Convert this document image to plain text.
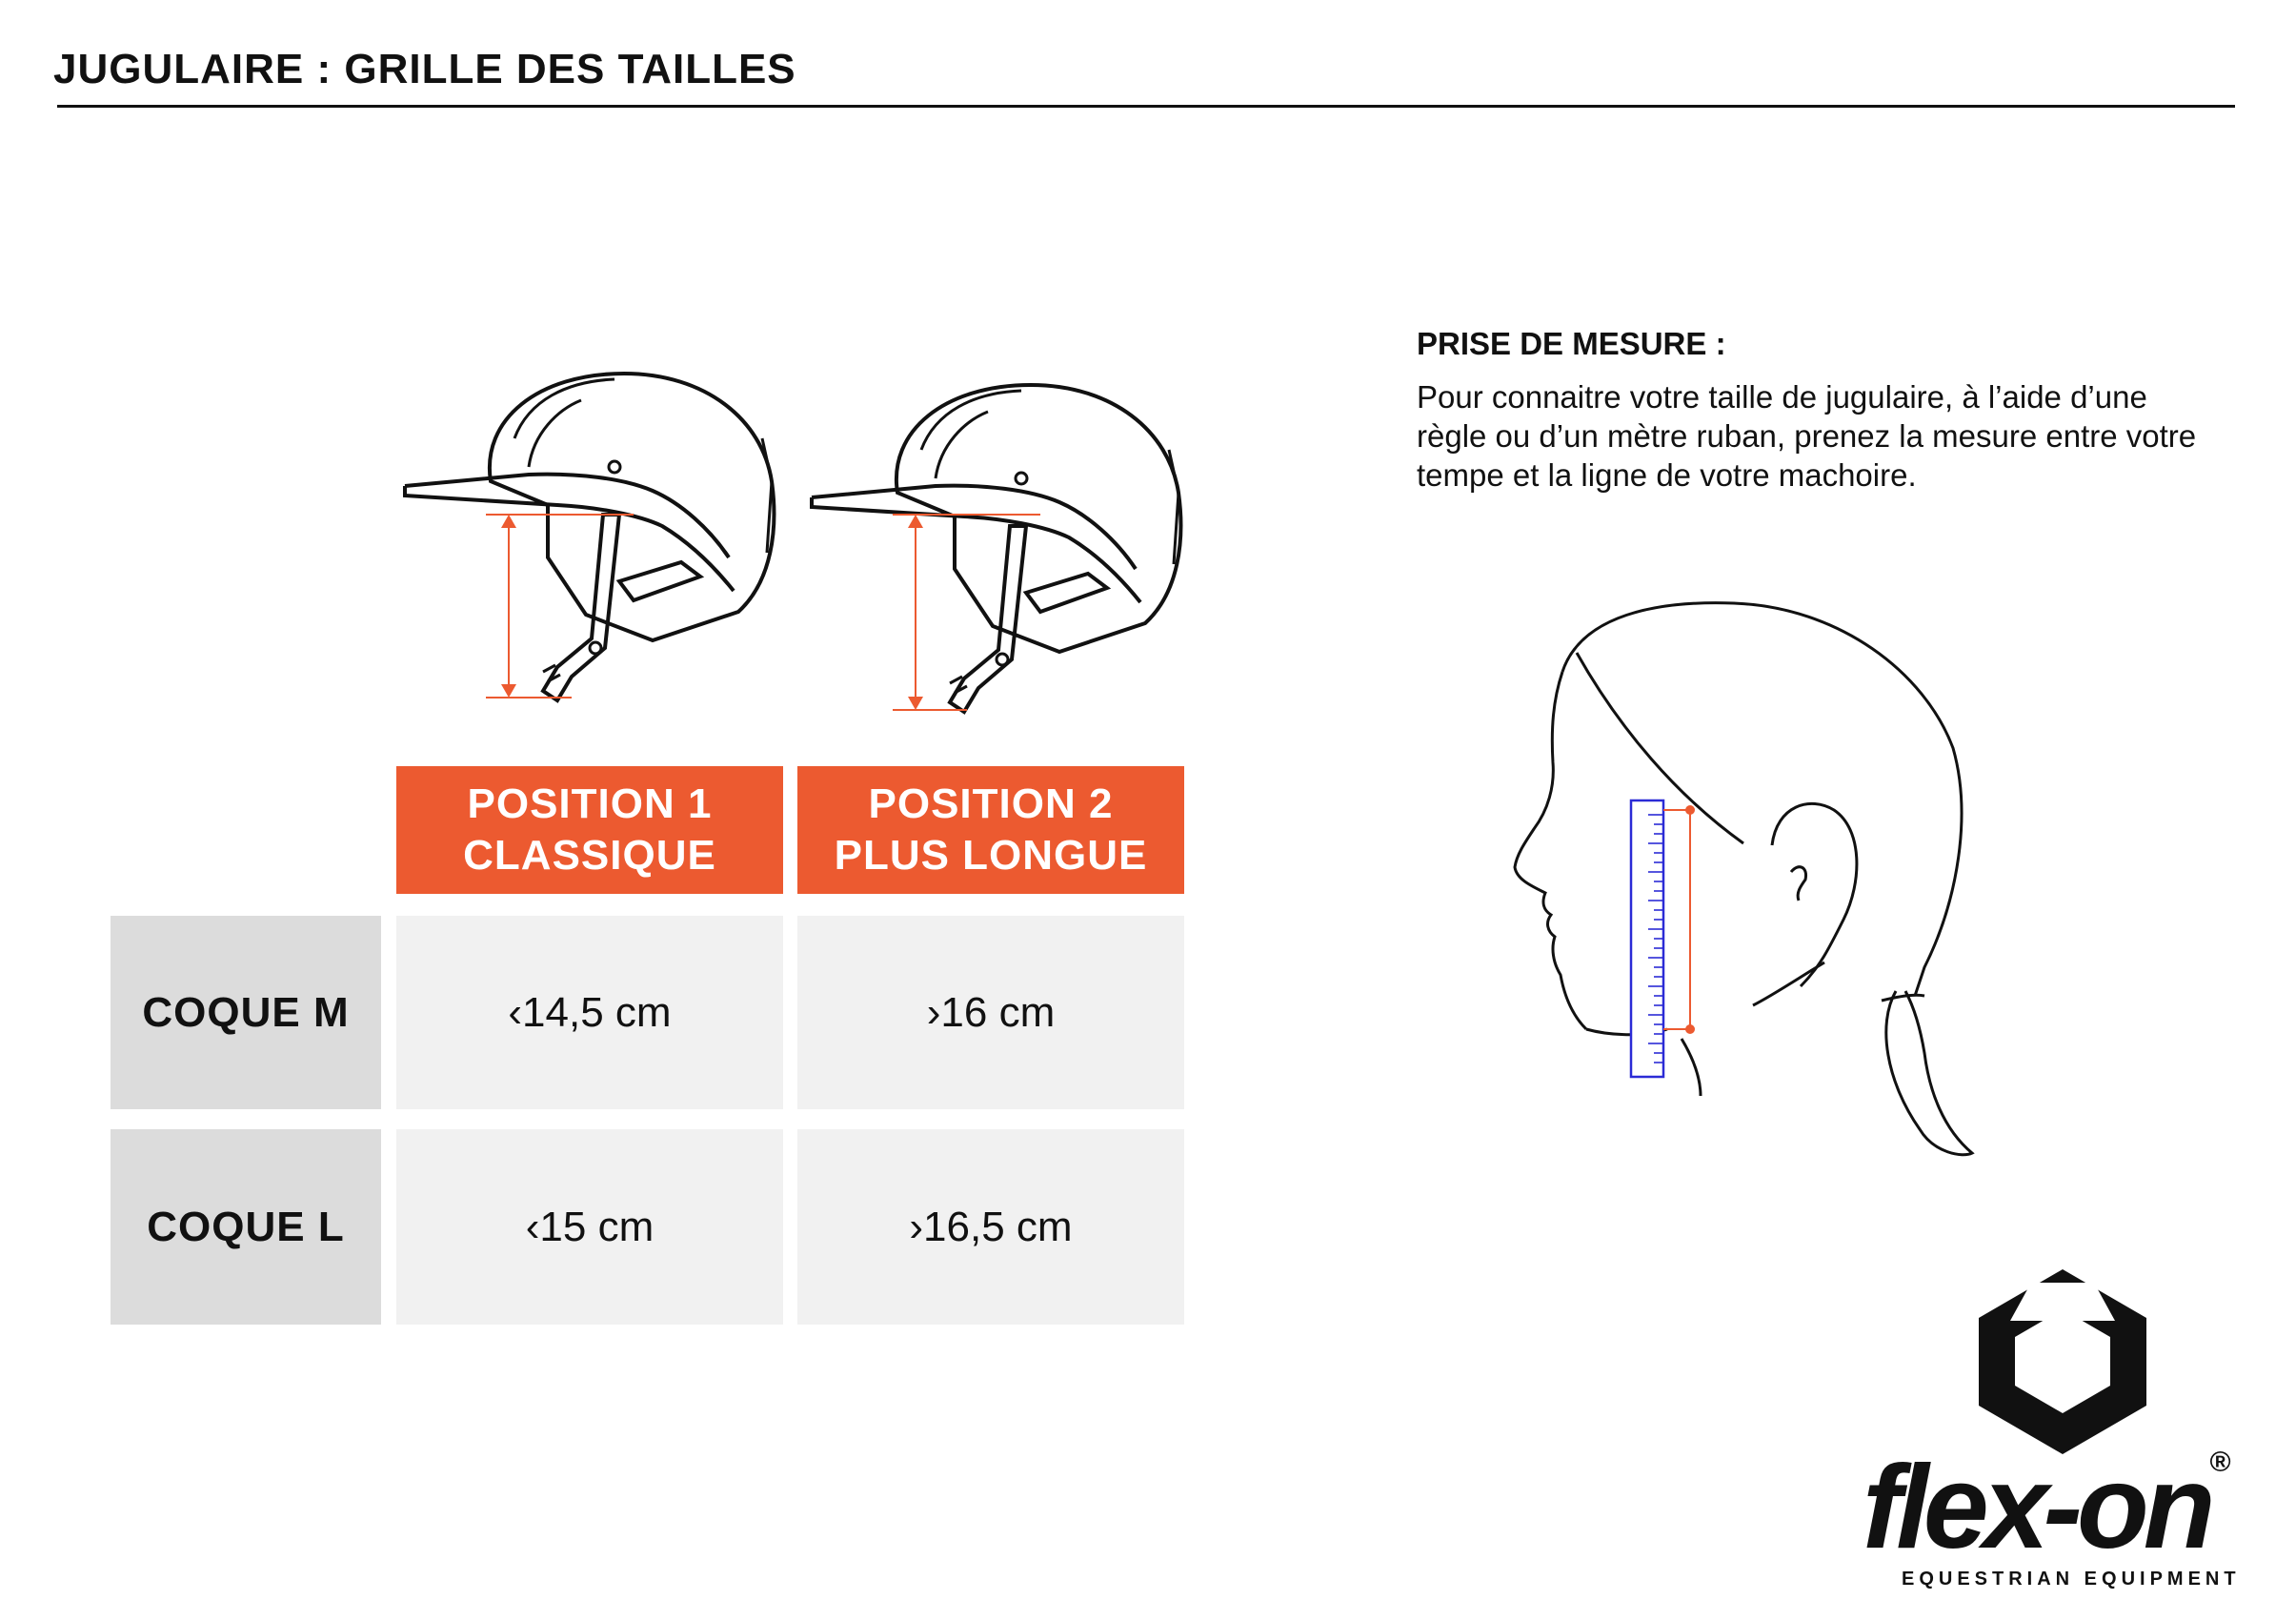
JUGULAIRE : GRILLE DES TAILLES
POSITION 1
CLASSIQUE
POSITION 2
PLUS LONGUE
COQUE M	‹14,5 cm	›16 cm
COQUE L	‹15 cm	›16,5 cm
PRISE DE MESURE :
Pour connaitre votre taille de jugulaire, à l’aide d’une règle ou d’un mètre ruban, prenez la mesure entre votre tempe et la ligne de votre machoire.
flex-on®
EQUESTRIAN EQUIPMENT
